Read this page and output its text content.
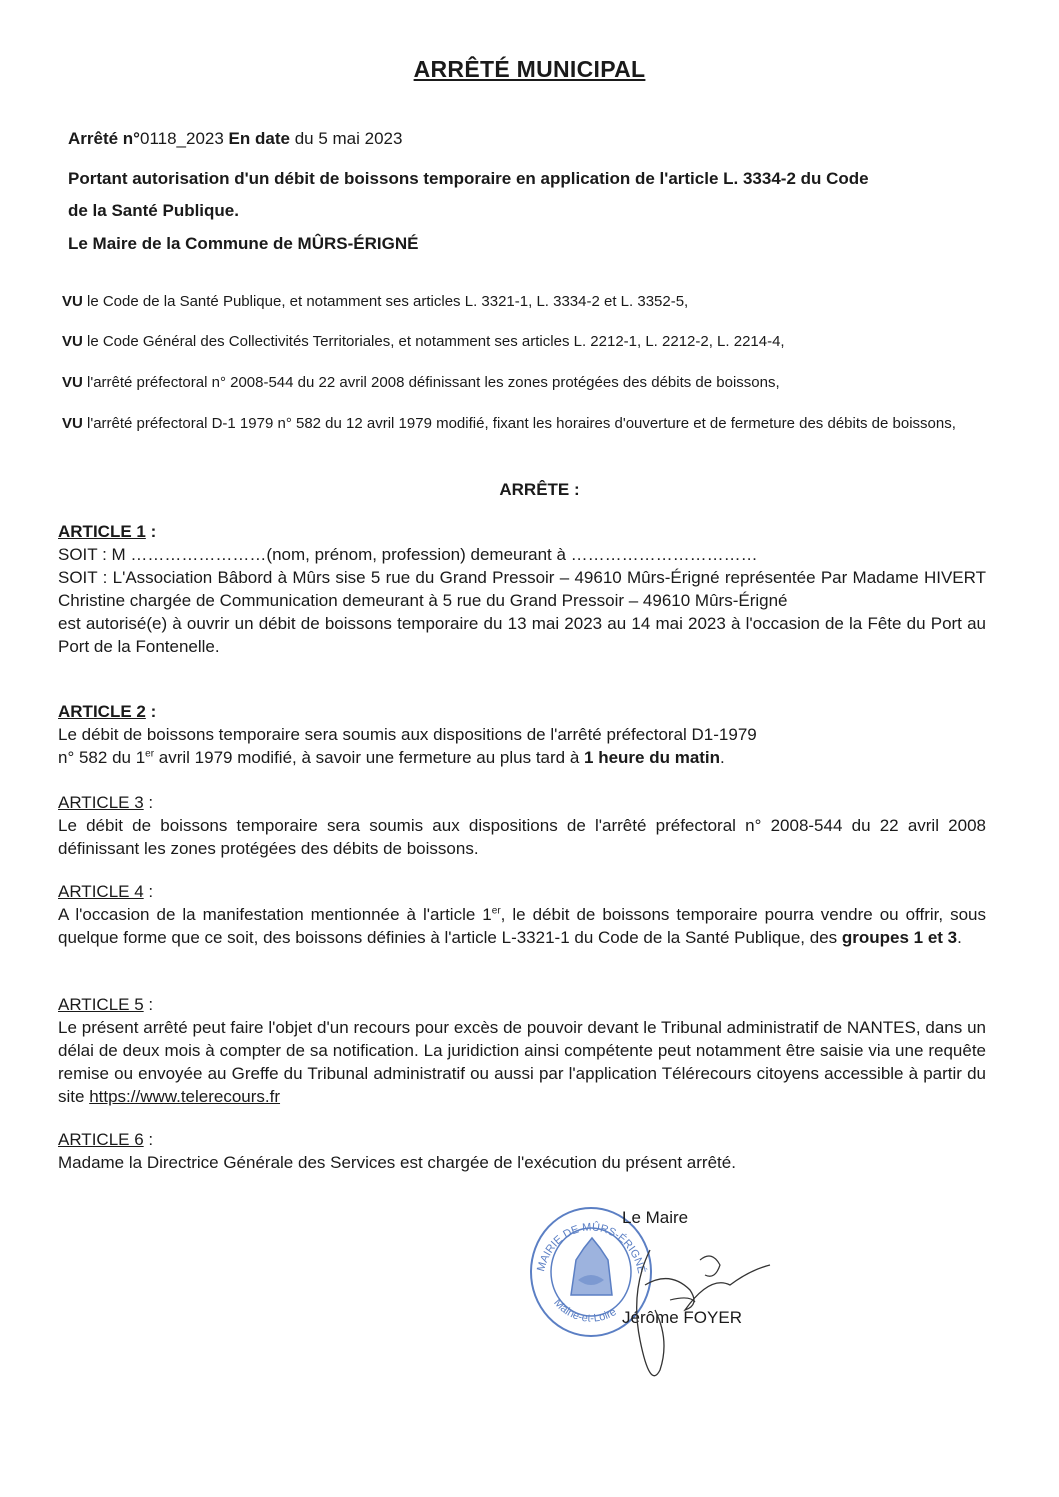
ARRÊTÉ MUNICIPAL
Arrêté n°0118_2023 En date du 5 mai 2023
Portant autorisation d'un débit de boissons temporaire en application de l'article L. 3334-2 du Code
de la Santé Publique.
Le Maire de la Commune de MÛRS-ÉRIGNÉ
VU le Code de la Santé Publique, et notamment ses articles L. 3321-1, L. 3334-2 et L. 3352-5,
VU le Code Général des Collectivités Territoriales, et notamment ses articles L. 2212-1, L. 2212-2, L. 2214-4,
VU l'arrêté préfectoral n° 2008-544 du 22 avril 2008 définissant les zones protégées des débits de boissons,
VU l'arrêté préfectoral D-1 1979 n° 582 du 12 avril 1979 modifié, fixant les horaires d'ouverture et de fermeture des débits de boissons,
ARRÊTE :
ARTICLE 1 :
SOIT : M ……………………(nom, prénom, profession) demeurant à ……………………………
SOIT : L'Association Bâbord à Mûrs sise 5 rue du Grand Pressoir – 49610 Mûrs-Érigné représentée Par Madame HIVERT Christine chargée de Communication demeurant à 5 rue du Grand Pressoir – 49610 Mûrs-Érigné
est autorisé(e) à ouvrir un débit de boissons temporaire du 13 mai 2023 au 14 mai 2023 à l'occasion de la Fête du Port au Port de la Fontenelle.
ARTICLE 2 :
Le débit de boissons temporaire sera soumis aux dispositions de l'arrêté préfectoral D1-1979
n° 582 du 1er avril 1979 modifié, à savoir une fermeture au plus tard à 1 heure du matin.
ARTICLE 3 :
Le débit de boissons temporaire sera soumis aux dispositions de l'arrêté préfectoral n° 2008-544 du 22 avril 2008 définissant les zones protégées des débits de boissons.
ARTICLE 4 :
A l'occasion de la manifestation mentionnée à l'article 1er, le débit de boissons temporaire pourra vendre ou offrir, sous quelque forme que ce soit, des boissons définies à l'article L-3321-1 du Code de la Santé Publique, des groupes 1 et 3.
ARTICLE 5 :
Le présent arrêté peut faire l'objet d'un recours pour excès de pouvoir devant le Tribunal administratif de NANTES, dans un délai de deux mois à compter de sa notification. La juridiction ainsi compétente peut notamment être saisie via une requête remise ou envoyée au Greffe du Tribunal administratif ou aussi par l'application Télérecours citoyens accessible à partir du site https://www.telerecours.fr
ARTICLE 6 :
Madame la Directrice Générale des Services est chargée de l'exécution du présent arrêté.
MAIRIE DE MÛRS-ÉRIGNÉ
Maine-et-Loire
Le Maire
Jérôme FOYER
